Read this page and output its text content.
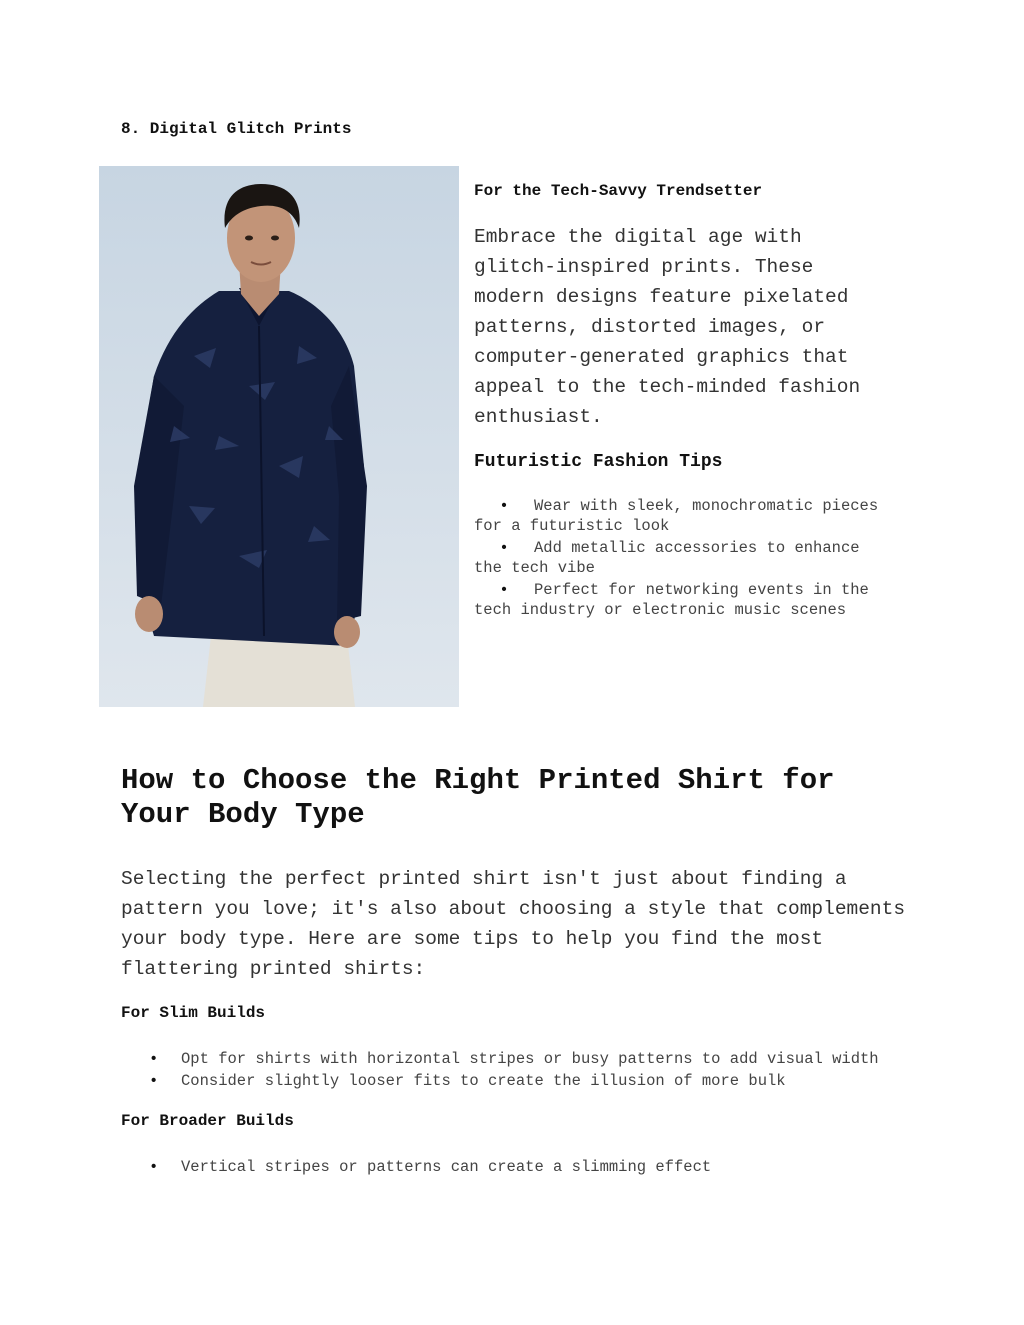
8. Digital Glitch Prints
For the Tech-Savvy Trendsetter

Embrace the digital age with glitch-inspired prints. These modern designs feature pixelated patterns, distorted images, or computer-generated graphics that appeal to the tech-minded fashion enthusiast.

Futuristic Fashion Tips
• Wear with sleek, monochromatic pieces for a futuristic look
• Add metallic accessories to enhance the tech vibe
• Perfect for networking events in the tech industry or electronic music scenes
How to Choose the Right Printed Shirt for Your Body Type

Selecting the perfect printed shirt isn't just about finding a pattern you love; it's also about choosing a style that complements your body type. Here are some tips to help you find the most flattering printed shirts:

For Slim Builds
• Opt for shirts with horizontal stripes or busy patterns to add visual width
• Consider slightly looser fits to create the illusion of more bulk
For Broader Builds
• Vertical stripes or patterns can create a slimming effect
